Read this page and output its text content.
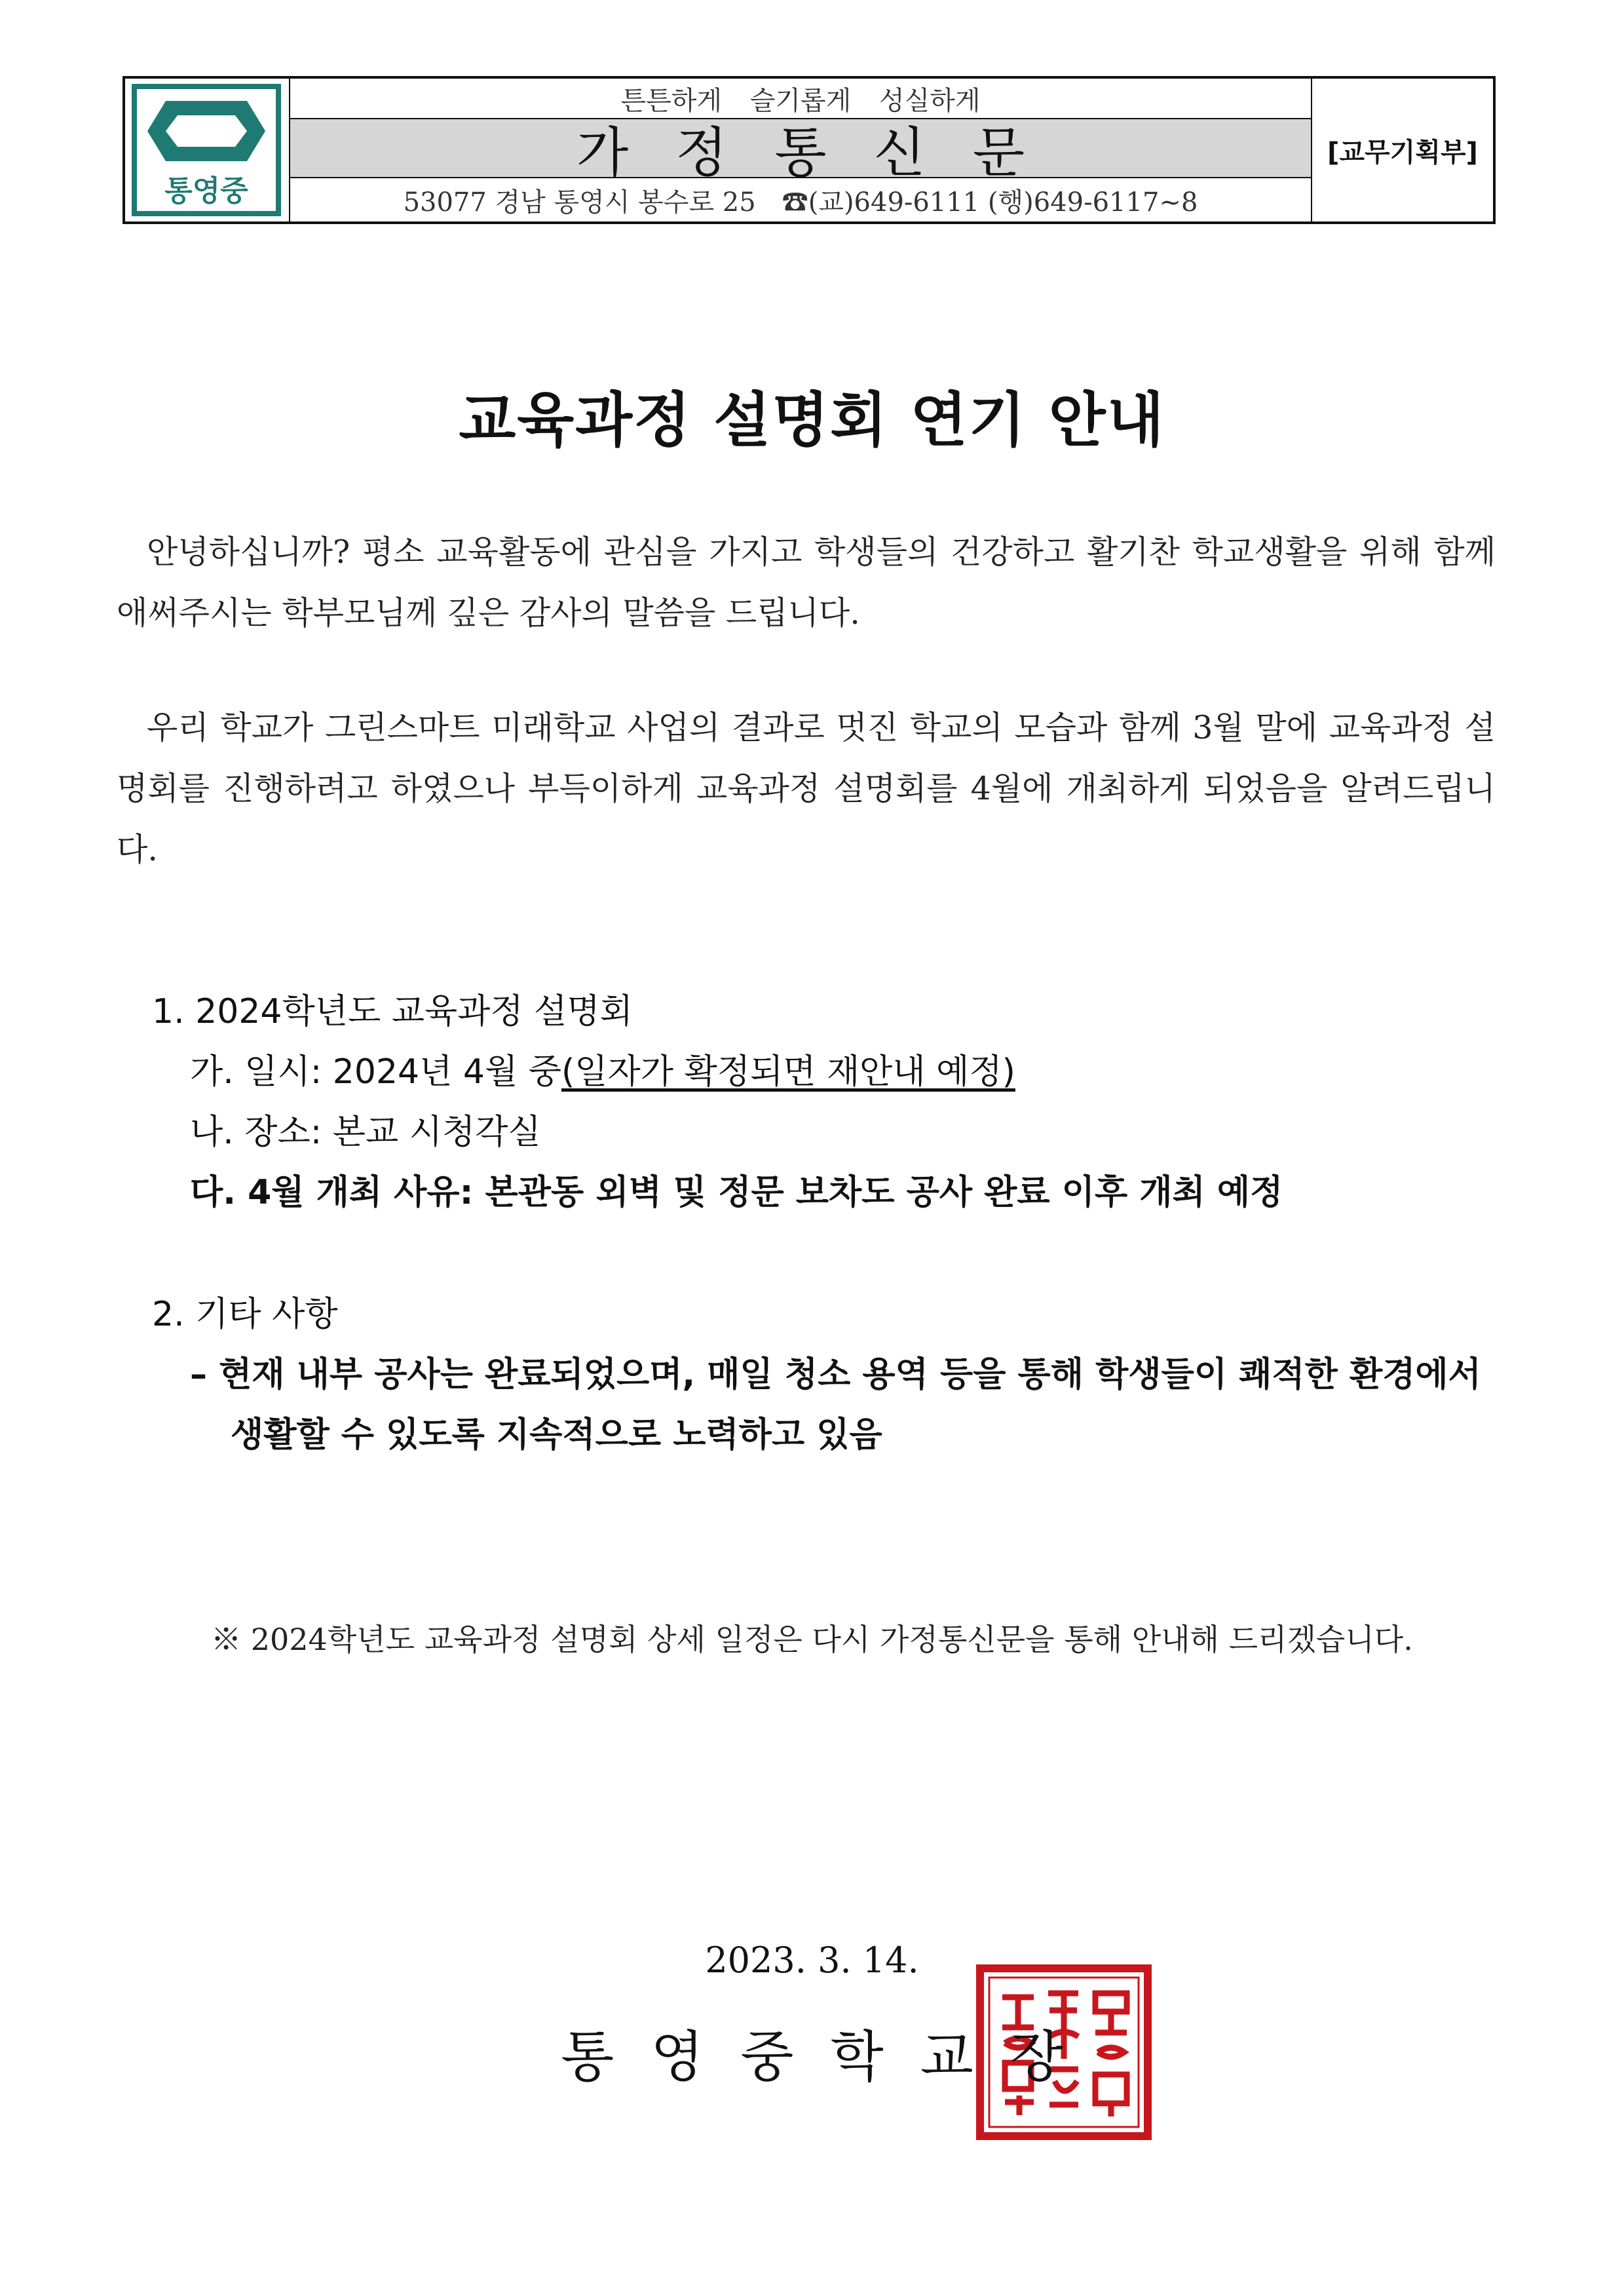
통영중
튼튼하게 슬기롭게 성실하게
가정통신문
53077 경남 통영시 봉수로 25 ☎(교)649-6111 (행)649-6117~8
[교무기획부]
교육과정 설명회 연기 안내
안녕하십니까? 평소 교육활동에 관심을 가지고 학생들의 건강하고 활기찬 학교생활을 위해 함께 애써주시는 학부모님께 깊은 감사의 말씀을 드립니다.
우리 학교가 그린스마트 미래학교 사업의 결과로 멋진 학교의 모습과 함께 3월 말에 교육과정 설명회를 진행하려고 하였으나 부득이하게 교육과정 설명회를 4월에 개최하게 되었음을 알려드립니다.
1. 2024학년도 교육과정 설명회
가. 일시: 2024년 4월 중(일자가 확정되면 재안내 예정)
나. 장소: 본교 시청각실
다. 4월 개최 사유: 본관동 외벽 및 정문 보차도 공사 완료 이후 개최 예정
2. 기타 사항
– 현재 내부 공사는 완료되었으며, 매일 청소 용역 등을 통해 학생들이 쾌적한 환경에서
생활할 수 있도록 지속적으로 노력하고 있음
※ 2024학년도 교육과정 설명회 상세 일정은 다시 가정통신문을 통해 안내해 드리겠습니다.
2023. 3. 14.
통영중학교장
